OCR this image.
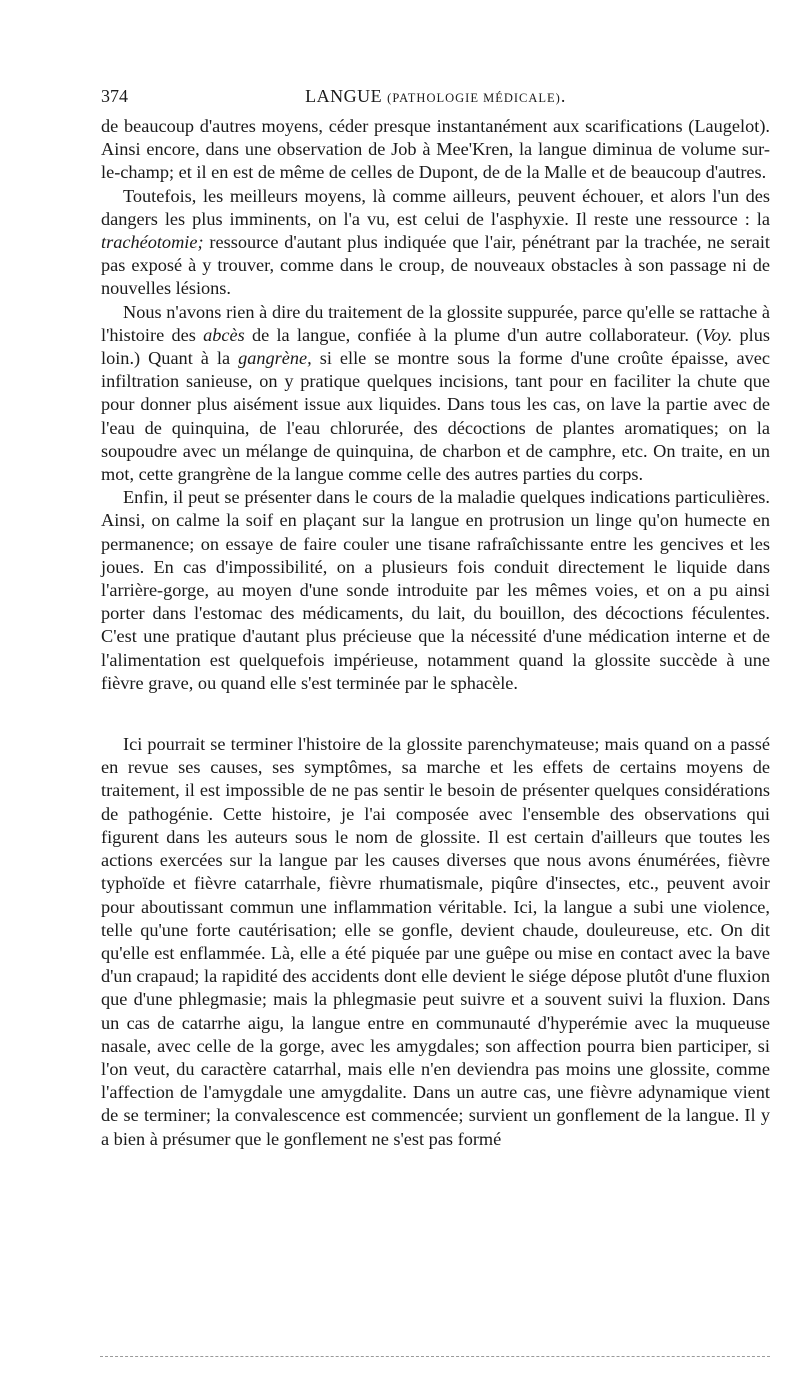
374	LANGUE (PATHOLOGIE MÉDICALE).

de beaucoup d'autres moyens, céder presque instantanément aux scarifications (Laugelot). Ainsi encore, dans une observation de Job à Mee'Kren, la langue diminua de volume sur-le-champ; et il en est de même de celles de Dupont, de de la Malle et de beaucoup d'autres.

Toutefois, les meilleurs moyens, là comme ailleurs, peuvent échouer, et alors l'un des dangers les plus imminents, on l'a vu, est celui de l'asphyxie. Il reste une ressource : la trachéotomie; ressource d'autant plus indiquée que l'air, pénétrant par la trachée, ne serait pas exposé à y trouver, comme dans le croup, de nouveaux obstacles à son passage ni de nouvelles lésions.

Nous n'avons rien à dire du traitement de la glossite suppurée, parce qu'elle se rattache à l'histoire des abcès de la langue, confiée à la plume d'un autre collaborateur. (Voy. plus loin.) Quant à la gangrène, si elle se montre sous la forme d'une croûte épaisse, avec infiltration sanieuse, on y pratique quelques incisions, tant pour en faciliter la chute que pour donner plus aisément issue aux liquides. Dans tous les cas, on lave la partie avec de l'eau de quinquina, de l'eau chlorurée, des décoctions de plantes aromatiques; on la soupoudre avec un mélange de quinquina, de charbon et de camphre, etc. On traite, en un mot, cette grangrène de la langue comme celle des autres parties du corps.

Enfin, il peut se présenter dans le cours de la maladie quelques indications particulières. Ainsi, on calme la soif en plaçant sur la langue en protrusion un linge qu'on humecte en permanence; on essaye de faire couler une tisane rafraîchissante entre les gencives et les joues. En cas d'impossibilité, on a plusieurs fois conduit directement le liquide dans l'arrière-gorge, au moyen d'une sonde introduite par les mêmes voies, et on a pu ainsi porter dans l'estomac des médicaments, du lait, du bouillon, des décoctions féculentes. C'est une pratique d'autant plus précieuse que la nécessité d'une médication interne et de l'alimentation est quelquefois impérieuse, notamment quand la glossite succède à une fièvre grave, ou quand elle s'est terminée par le sphacèle.

Ici pourrait se terminer l'histoire de la glossite parenchymateuse; mais quand on a passé en revue ses causes, ses symptômes, sa marche et les effets de certains moyens de traitement, il est impossible de ne pas sentir le besoin de présenter quelques considérations de pathogénie. Cette histoire, je l'ai composée avec l'ensemble des observations qui figurent dans les auteurs sous le nom de glossite. Il est certain d'ailleurs que toutes les actions exercées sur la langue par les causes diverses que nous avons énumérées, fièvre typhoïde et fièvre catarrhale, fièvre rhumatismale, piqûre d'insectes, etc., peuvent avoir pour aboutissant commun une inflammation véritable. Ici, la langue a subi une violence, telle qu'une forte cautérisation; elle se gonfle, devient chaude, douleureuse, etc. On dit qu'elle est enflammée. Là, elle a été piquée par une guêpe ou mise en contact avec la bave d'un crapaud; la rapidité des accidents dont elle devient le siége dépose plutôt d'une fluxion que d'une phlegmasie; mais la phlegmasie peut suivre et a souvent suivi la fluxion. Dans un cas de catarrhe aigu, la langue entre en communauté d'hyperémie avec la muqueuse nasale, avec celle de la gorge, avec les amygdales; son affection pourra bien participer, si l'on veut, du caractère catarrhal, mais elle n'en deviendra pas moins une glossite, comme l'affection de l'amygdale une amygdalite. Dans un autre cas, une fièvre adynamique vient de se terminer; la convalescence est commencée; survient un gonflement de la langue. Il y a bien à présumer que le gonflement ne s'est pas formé
